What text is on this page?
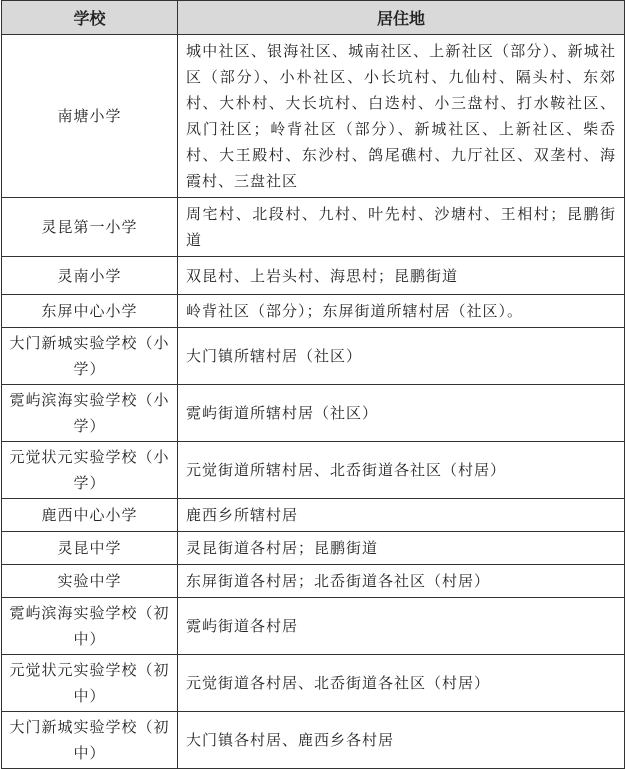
学校	居住地
南塘小学	城中社区、银海社区、城南社区、上新社区（部分）、新城社区（部分）、小朴社区、小长坑村、九仙村、隔头村、东郊村、大朴村、大长坑村、白迭村、小三盘村、打水鞍社区、凤门社区；岭背社区（部分）、新城社区、上新社区、柴岙村、大王殿村、东沙村、鸽尾礁村、九厅社区、双垄村、海霞村、三盘社区
灵昆第一小学	周宅村、北段村、九村、叶先村、沙塘村、王相村；昆鹏街道
灵南小学	双昆村、上岩头村、海思村；昆鹏街道
东屏中心小学	岭背社区（部分）；东屏街道所辖村居（社区）。
大门新城实验学校（小学）	大门镇所辖村居（社区）
霓屿滨海实验学校（小学）	霓屿街道所辖村居（社区）
元觉状元实验学校（小学）	元觉街道所辖村居、北岙街道各社区（村居）
鹿西中心小学	鹿西乡所辖村居
灵昆中学	灵昆街道各村居；昆鹏街道
实验中学	东屏街道各村居；北岙街道各社区（村居）
霓屿滨海实验学校（初中）	霓屿街道各村居
元觉状元实验学校（初中）	元觉街道各村居、北岙街道各社区（村居）
大门新城实验学校（初中）	大门镇各村居、鹿西乡各村居
